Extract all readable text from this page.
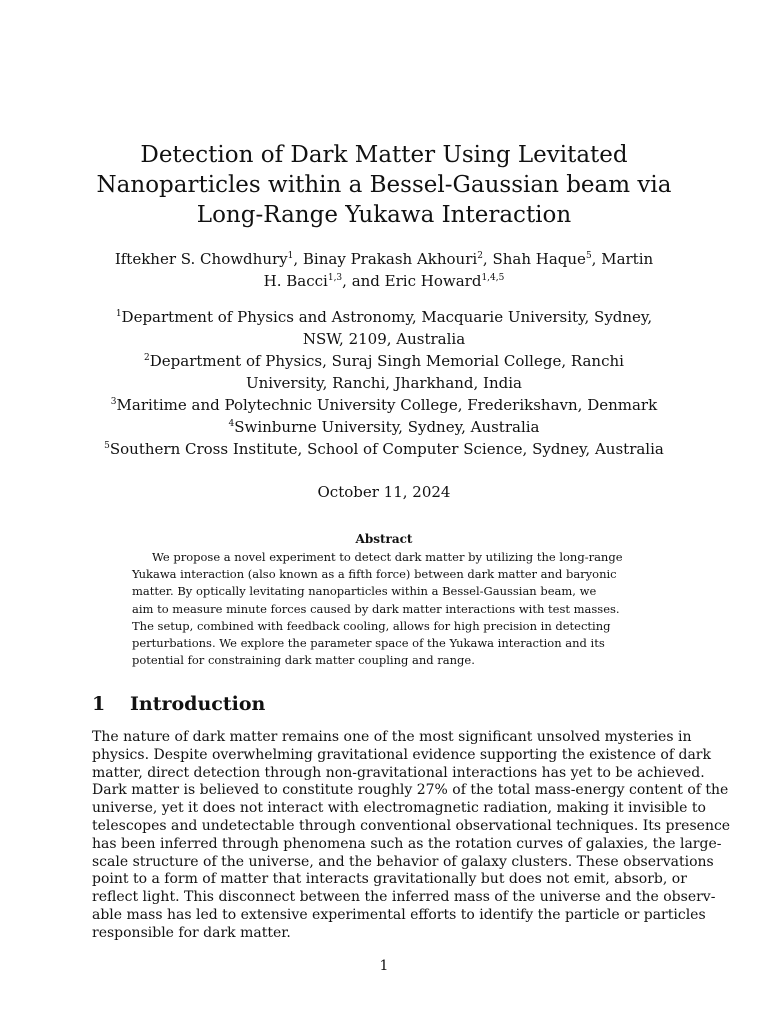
Detection of Dark Matter Using Levitated
Nanoparticles within a Bessel-Gaussian beam via
Long-Range Yukawa Interaction
Iftekher S. Chowdhury$^1$, Binay Prakash Akhouri$^2$, Shah Haque$^5$, Martin
H. Bacci$^{1,3}$, and Eric Howard$^{1,4,5}$
$^1$Department of Physics and Astronomy, Macquarie University, Sydney,
NSW, 2109, Australia
$^2$Department of Physics, Suraj Singh Memorial College, Ranchi
University, Ranchi, Jharkhand, India
$^3$Maritime and Polytechnic University College, Frederikshavn, Denmark
$^4$Swinburne University, Sydney, Australia
$^5$Southern Cross Institute, School of Computer Science, Sydney, Australia

October 11, 2024

Abstract

We propose a novel experiment to detect dark matter by utilizing the long-range
Yukawa interaction (also known as a fifth force) between dark matter and baryonic
matter. By optically levitating nanoparticles within a Bessel-Gaussian beam, we
aim to measure minute forces caused by dark matter interactions with test masses.
The setup, combined with feedback cooling, allows for high precision in detecting
perturbations. We explore the parameter space of the Yukawa interaction and its
potential for constraining dark matter coupling and range.
1 Introduction
The nature of dark matter remains one of the most significant unsolved mysteries in
physics. Despite overwhelming gravitational evidence supporting the existence of dark
matter, direct detection through non-gravitational interactions has yet to be achieved.
Dark matter is believed to constitute roughly 27% of the total mass-energy content of the
universe, yet it does not interact with electromagnetic radiation, making it invisible to
telescopes and undetectable through conventional observational techniques. Its presence
has been inferred through phenomena such as the rotation curves of galaxies, the large-
scale structure of the universe, and the behavior of galaxy clusters. These observations
point to a form of matter that interacts gravitationally but does not emit, absorb, or
reflect light. This disconnect between the inferred mass of the universe and the observ-
able mass has led to extensive experimental efforts to identify the particle or particles
responsible for dark matter.

1
